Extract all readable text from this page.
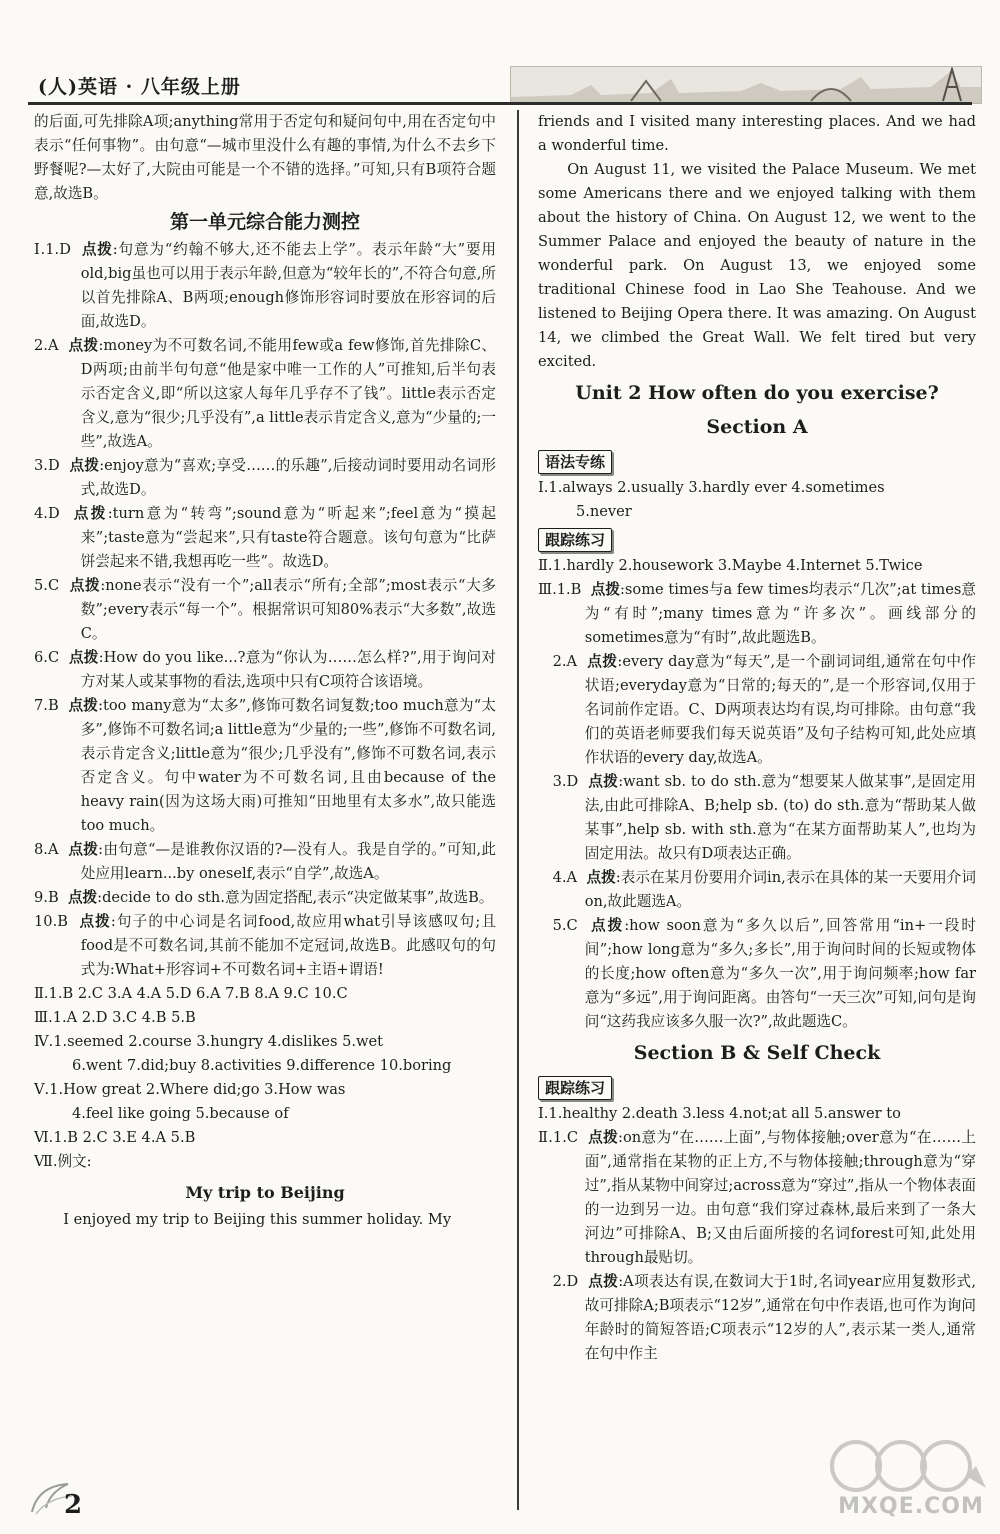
(人)英语 · 八年级上册

的后面,可先排除A项;anything常用于否定句和疑问句中,用在否定句中表示“任何事物”。由句意“—城市里没什么有趣的事情,为什么不去乡下野餐呢?—太好了,大院由可能是一个不错的选择。”可知,只有B项符合题意,故选B。

第一单元综合能力测控

Ⅰ.1.D 点拨:句意为“约翰不够大,还不能去上学”。表示年龄“大”要用old,big虽也可以用于表示年龄,但意为“较年长的”,不符合句意,所以首先排除A、B两项;enough修饰形容词时要放在形容词的后面,故选D。

2.A 点拨:money为不可数名词,不能用few或a few修饰,首先排除C、D两项;由前半句句意“他是家中唯一工作的人”可推知,后半句表示否定含义,即“所以这家人每年几乎存不了钱”。little表示否定含义,意为“很少;几乎没有”,a little表示肯定含义,意为“少量的;一些”,故选A。

3.D 点拨:enjoy意为“喜欢;享受……的乐趣”,后接动词时要用动名词形式,故选D。

4.D 点拨:turn意为“转弯”;sound意为“听起来”;feel意为“摸起来”;taste意为“尝起来”,只有taste符合题意。该句句意为“比萨饼尝起来不错,我想再吃一些”。故选D。

5.C 点拨:none表示“没有一个”;all表示“所有;全部”;most表示“大多数”;every表示“每一个”。根据常识可知80%表示“大多数”,故选C。

6.C 点拨:How do you like...?意为“你认为……怎么样?”,用于询问对方对某人或某事物的看法,选项中只有C项符合该语境。

7.B 点拨:too many意为“太多”,修饰可数名词复数;too much意为“太多”,修饰不可数名词;a little意为“少量的;一些”,修饰不可数名词,表示肯定含义;little意为“很少;几乎没有”,修饰不可数名词,表示否定含义。句中water为不可数名词,且由because of the heavy rain(因为这场大雨)可推知“田地里有太多水”,故只能选too much。

8.A 点拨:由句意“—是谁教你汉语的?—没有人。我是自学的。”可知,此处应用learn...by oneself,表示“自学”,故选A。

9.B 点拨:decide to do sth.意为固定搭配,表示“决定做某事”,故选B。

10.B 点拨:句子的中心词是名词food,故应用what引导该感叹句;且food是不可数名词,其前不能加不定冠词,故选B。此感叹句的句式为:What+形容词+不可数名词+主语+谓语!

Ⅱ.1.B 2.C 3.A 4.A 5.D 6.A 7.B 8.A 9.C 10.C

Ⅲ.1.A 2.D 3.C 4.B 5.B

Ⅳ.1.seemed 2.course 3.hungry 4.dislikes 5.wet

6.went 7.did;buy 8.activities 9.difference 10.boring

Ⅴ.1.How great 2.Where did;go 3.How was

4.feel like going 5.because of

Ⅵ.1.B 2.C 3.E 4.A 5.B

Ⅶ.例文:

My trip to Beijing

I enjoyed my trip to Beijing this summer holiday. My

friends and I visited many interesting places. And we had a wonderful time.

On August 11, we visited the Palace Museum. We met some Americans there and we enjoyed talking with them about the history of China. On August 12, we went to the Summer Palace and enjoyed the beauty of nature in the wonderful park. On August 13, we enjoyed some traditional Chinese food in Lao She Teahouse. And we listened to Beijing Opera there. It was amazing. On August 14, we climbed the Great Wall. We felt tired but very excited.

Unit 2 How often do you exercise?
Section A
语法专练

Ⅰ.1.always 2.usually 3.hardly ever 4.sometimes

5.never

跟踪练习

Ⅱ.1.hardly 2.housework 3.Maybe 4.Internet 5.Twice

Ⅲ.1.B 点拨:some times与a few times均表示“几次”;at times意为“有时”;many times意为“许多次”。画线部分的sometimes意为“有时”,故此题选B。

2.A 点拨:every day意为“每天”,是一个副词词组,通常在句中作状语;everyday意为“日常的;每天的”,是一个形容词,仅用于名词前作定语。C、D两项表达均有误,均可排除。由句意“我们的英语老师要我们每天说英语”及句子结构可知,此处应填作状语的every day,故选A。

3.D 点拨:want sb. to do sth.意为“想要某人做某事”,是固定用法,由此可排除A、B;help sb. (to) do sth.意为“帮助某人做某事”,help sb. with sth.意为“在某方面帮助某人”,也均为固定用法。故只有D项表达正确。

4.A 点拨:表示在某月份要用介词in,表示在具体的某一天要用介词on,故此题选A。

5.C 点拨:how soon意为“多久以后”,回答常用“in+一段时间”;how long意为“多久;多长”,用于询问时间的长短或物体的长度;how often意为“多久一次”,用于询问频率;how far意为“多远”,用于询问距离。由答句“一天三次”可知,问句是询问“这药我应该多久服一次?”,故此题选C。

Section B & Self Check
跟踪练习

Ⅰ.1.healthy 2.death 3.less 4.not;at all 5.answer to

Ⅱ.1.C 点拨:on意为“在……上面”,与物体接触;over意为“在……上面”,通常指在某物的正上方,不与物体接触;through意为“穿过”,指从某物中间穿过;across意为“穿过”,指从一个物体表面的一边到另一边。由句意“我们穿过森林,最后来到了一条大河边”可排除A、B;又由后面所接的名词forest可知,此处用through最贴切。

2.D 点拨:A项表达有误,在数词大于1时,名词year应用复数形式,故可排除A;B项表示“12岁”,通常在句中作表语,也可作为询问年龄时的简短答语;C项表示“12岁的人”,表示某一类人,通常在句中作主

2	MXQE.COM
